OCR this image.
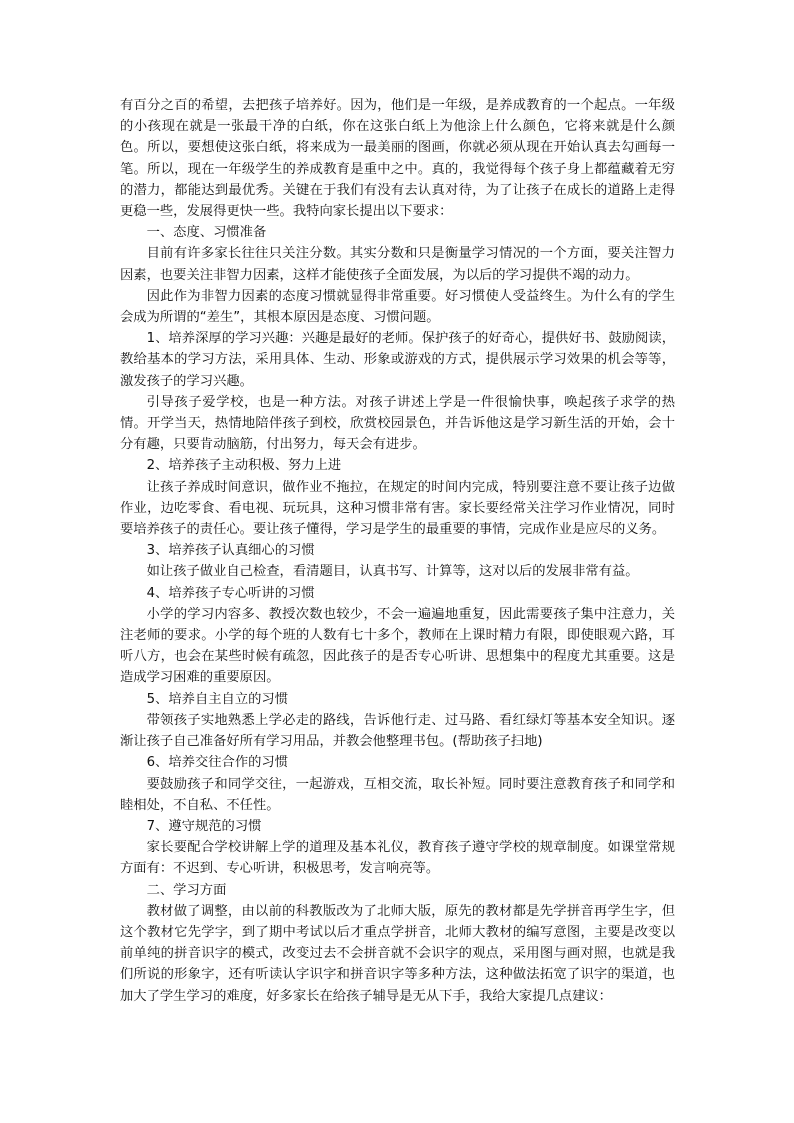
有百分之百的希望，去把孩子培养好。因为，他们是一年级，是养成教育的一个起点。一年级的小孩现在就是一张最干净的白纸，你在这张白纸上为他涂上什么颜色，它将来就是什么颜色。所以，要想使这张白纸，将来成为一最美丽的图画，你就必须从现在开始认真去勾画每一笔。所以，现在一年级学生的养成教育是重中之中。真的，我觉得每个孩子身上都蕴藏着无穷的潜力，都能达到最优秀。关键在于我们有没有去认真对待，为了让孩子在成长的道路上走得更稳一些，发展得更快一些。我特向家长提出以下要求：

一、态度、习惯准备

目前有许多家长往往只关注分数。其实分数和只是衡量学习情况的一个方面，要关注智力因素，也要关注非智力因素，这样才能使孩子全面发展，为以后的学习提供不竭的动力。

因此作为非智力因素的态度习惯就显得非常重要。好习惯使人受益终生。为什么有的学生会成为所谓的“差生”，其根本原因是态度、习惯问题。

1、培养深厚的学习兴趣：兴趣是最好的老师。保护孩子的好奇心，提供好书、鼓励阅读，教给基本的学习方法，采用具体、生动、形象或游戏的方式，提供展示学习效果的机会等等，激发孩子的学习兴趣。

引导孩子爱学校，也是一种方法。对孩子讲述上学是一件很愉快事，唤起孩子求学的热情。开学当天，热情地陪伴孩子到校，欣赏校园景色，并告诉他这是学习新生活的开始，会十分有趣，只要肯动脑筋，付出努力，每天会有进步。

2、培养孩子主动积极、努力上进

让孩子养成时间意识，做作业不拖拉，在规定的时间内完成，特别要注意不要让孩子边做作业，边吃零食、看电视、玩玩具，这种习惯非常有害。家长要经常关注学习作业情况，同时要培养孩子的责任心。要让孩子懂得，学习是学生的最重要的事情，完成作业是应尽的义务。

3、培养孩子认真细心的习惯

如让孩子做业自己检查，看清题目，认真书写、计算等，这对以后的发展非常有益。

4、培养孩子专心听讲的习惯

小学的学习内容多、教授次数也较少，不会一遍遍地重复，因此需要孩子集中注意力，关注老师的要求。小学的每个班的人数有七十多个，教师在上课时精力有限，即使眼观六路，耳听八方，也会在某些时候有疏忽，因此孩子的是否专心听讲、思想集中的程度尤其重要。这是造成学习困难的重要原因。

5、培养自主自立的习惯

带领孩子实地熟悉上学必走的路线，告诉他行走、过马路、看红绿灯等基本安全知识。逐渐让孩子自己准备好所有学习用品，并教会他整理书包。(帮助孩子扫地)

6、培养交往合作的习惯

要鼓励孩子和同学交往，一起游戏，互相交流，取长补短。同时要注意教育孩子和同学和睦相处，不自私、不任性。

7、遵守规范的习惯

家长要配合学校讲解上学的道理及基本礼仪，教育孩子遵守学校的规章制度。如课堂常规方面有：不迟到、专心听讲，积极思考，发言响亮等。

二、学习方面

教材做了调整，由以前的科教版改为了北师大版，原先的教材都是先学拼音再学生字，但这个教材它先学字，到了期中考试以后才重点学拼音，北师大教材的编写意图，主要是改变以前单纯的拼音识字的模式，改变过去不会拼音就不会识字的观点，采用图与画对照，也就是我们所说的形象字，还有听读认字识字和拼音识字等多种方法，这种做法拓宽了识字的渠道，也加大了学生学习的难度，好多家长在给孩子辅导是无从下手，我给大家提几点建议：
